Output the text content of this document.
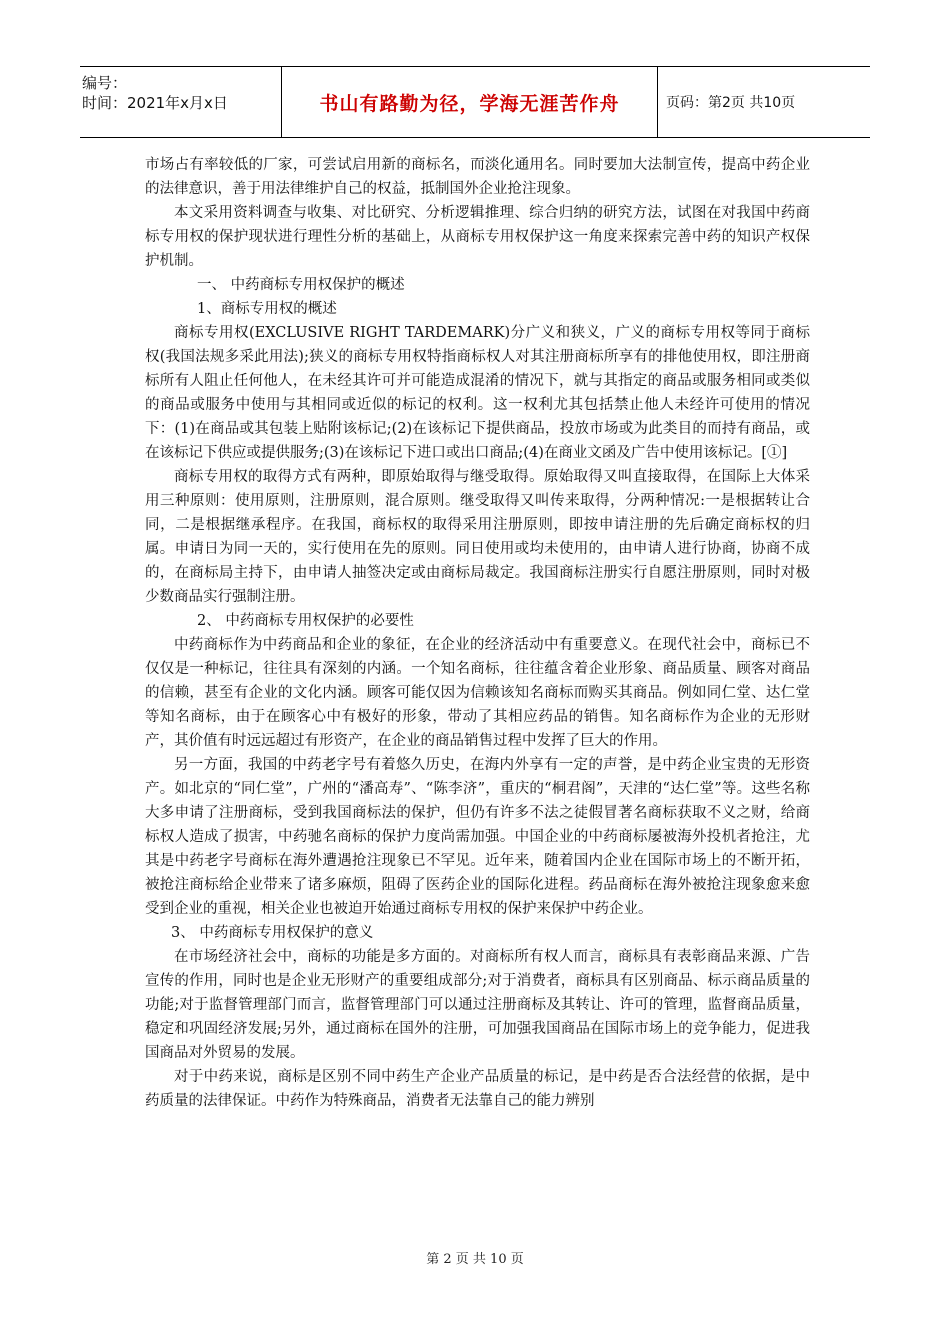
编号：
时间：2021年x月x日	书山有路勤为径，学海无涯苦作舟	页码：第2页 共10页

市场占有率较低的厂家，可尝试启用新的商标名，而淡化通用名。同时要加大法制宣传，提高中药企业的法律意识，善于用法律维护自己的权益，抵制国外企业抢注现象。

本文采用资料调查与收集、对比研究、分析逻辑推理、综合归纳的研究方法，试图在对我国中药商标专用权的保护现状进行理性分析的基础上，从商标专用权保护这一角度来探索完善中药的知识产权保护机制。

一、 中药商标专用权保护的概述

1、商标专用权的概述

商标专用权(EXCLUSIVE RIGHT TARDEMARK)分广义和狭义，广义的商标专用权等同于商标权(我国法规多采此用法);狭义的商标专用权特指商标权人对其注册商标所享有的排他使用权，即注册商标所有人阻止任何他人，在未经其许可并可能造成混淆的情况下，就与其指定的商品或服务相同或类似的商品或服务中使用与其相同或近似的标记的权利。这一权利尤其包括禁止他人未经许可使用的情况下：(1)在商品或其包装上贴附该标记;(2)在该标记下提供商品，投放市场或为此类目的而持有商品，或在该标记下供应或提供服务;(3)在该标记下进口或出口商品;(4)在商业文函及广告中使用该标记。[①]

商标专用权的取得方式有两种，即原始取得与继受取得。原始取得又叫直接取得，在国际上大体采用三种原则：使用原则，注册原则，混合原则。继受取得又叫传来取得，分两种情况:一是根据转让合同，二是根据继承程序。在我国，商标权的取得采用注册原则，即按申请注册的先后确定商标权的归属。申请日为同一天的，实行使用在先的原则。同日使用或均未使用的，由申请人进行协商，协商不成的，在商标局主持下，由申请人抽签决定或由商标局裁定。我国商标注册实行自愿注册原则，同时对极少数商品实行强制注册。

2、 中药商标专用权保护的必要性

中药商标作为中药商品和企业的象征，在企业的经济活动中有重要意义。在现代社会中，商标已不仅仅是一种标记，往往具有深刻的内涵。一个知名商标，往往蕴含着企业形象、商品质量、顾客对商品的信赖，甚至有企业的文化内涵。顾客可能仅因为信赖该知名商标而购买其商品。例如同仁堂、达仁堂等知名商标，由于在顾客心中有极好的形象，带动了其相应药品的销售。知名商标作为企业的无形财产，其价值有时远远超过有形资产，在企业的商品销售过程中发挥了巨大的作用。

另一方面，我国的中药老字号有着悠久历史，在海内外享有一定的声誉，是中药企业宝贵的无形资产。如北京的“同仁堂”，广州的“潘高寿”、“陈李济”，重庆的“桐君阁”，天津的“达仁堂”等。这些名称大多申请了注册商标，受到我国商标法的保护，但仍有许多不法之徒假冒著名商标获取不义之财，给商标权人造成了损害，中药驰名商标的保护力度尚需加强。中国企业的中药商标屡被海外投机者抢注，尤其是中药老字号商标在海外遭遇抢注现象已不罕见。近年来，随着国内企业在国际市场上的不断开拓，被抢注商标给企业带来了诸多麻烦，阻碍了医药企业的国际化进程。药品商标在海外被抢注现象愈来愈受到企业的重视，相关企业也被迫开始通过商标专用权的保护来保护中药企业。

3、 中药商标专用权保护的意义

在市场经济社会中，商标的功能是多方面的。对商标所有权人而言，商标具有表彰商品来源、广告宣传的作用，同时也是企业无形财产的重要组成部分;对于消费者，商标具有区别商品、标示商品质量的功能;对于监督管理部门而言，监督管理部门可以通过注册商标及其转让、许可的管理，监督商品质量，稳定和巩固经济发展;另外，通过商标在国外的注册，可加强我国商品在国际市场上的竞争能力，促进我国商品对外贸易的发展。

对于中药来说，商标是区别不同中药生产企业产品质量的标记，是中药是否合法经营的依据，是中药质量的法律保证。中药作为特殊商品，消费者无法靠自己的能力辨别

第 2 页 共 10 页
